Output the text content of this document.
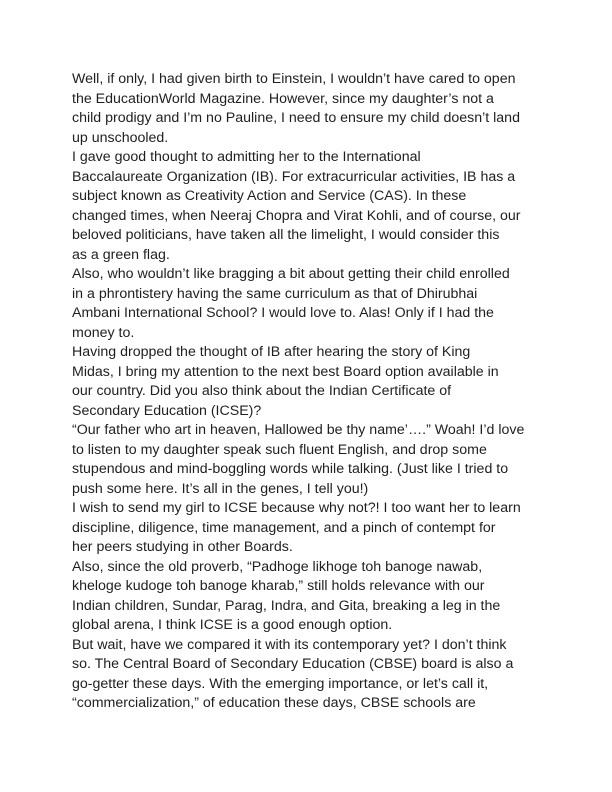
Well, if only, I had given birth to Einstein, I wouldn’t have cared to open
the EducationWorld Magazine. However, since my daughter’s not a
child prodigy and I’m no Pauline, I need to ensure my child doesn’t land
up unschooled.
I gave good thought to admitting her to the International
Baccalaureate Organization (IB). For extracurricular activities, IB has a
subject known as Creativity Action and Service (CAS). In these
changed times, when Neeraj Chopra and Virat Kohli, and of course, our
beloved politicians, have taken all the limelight, I would consider this
as a green flag.
Also, who wouldn’t like bragging a bit about getting their child enrolled
in a phrontistery having the same curriculum as that of Dhirubhai
Ambani International School? I would love to. Alas! Only if I had the
money to.
Having dropped the thought of IB after hearing the story of King
Midas, I bring my attention to the next best Board option available in
our country. Did you also think about the Indian Certificate of
Secondary Education (ICSE)?
“Our father who art in heaven, Hallowed be thy name’….” Woah! I’d love
to listen to my daughter speak such fluent English, and drop some
stupendous and mind-boggling words while talking. (Just like I tried to
push some here. It’s all in the genes, I tell you!)
I wish to send my girl to ICSE because why not?! I too want her to learn
discipline, diligence, time management, and a pinch of contempt for
her peers studying in other Boards.
Also, since the old proverb, “Padhoge likhoge toh banoge nawab,
kheloge kudoge toh banoge kharab,” still holds relevance with our
Indian children, Sundar, Parag, Indra, and Gita, breaking a leg in the
global arena, I think ICSE is a good enough option.
But wait, have we compared it with its contemporary yet? I don’t think
so. The Central Board of Secondary Education (CBSE) board is also a
go-getter these days. With the emerging importance, or let’s call it,
“commercialization,” of education these days, CBSE schools are
